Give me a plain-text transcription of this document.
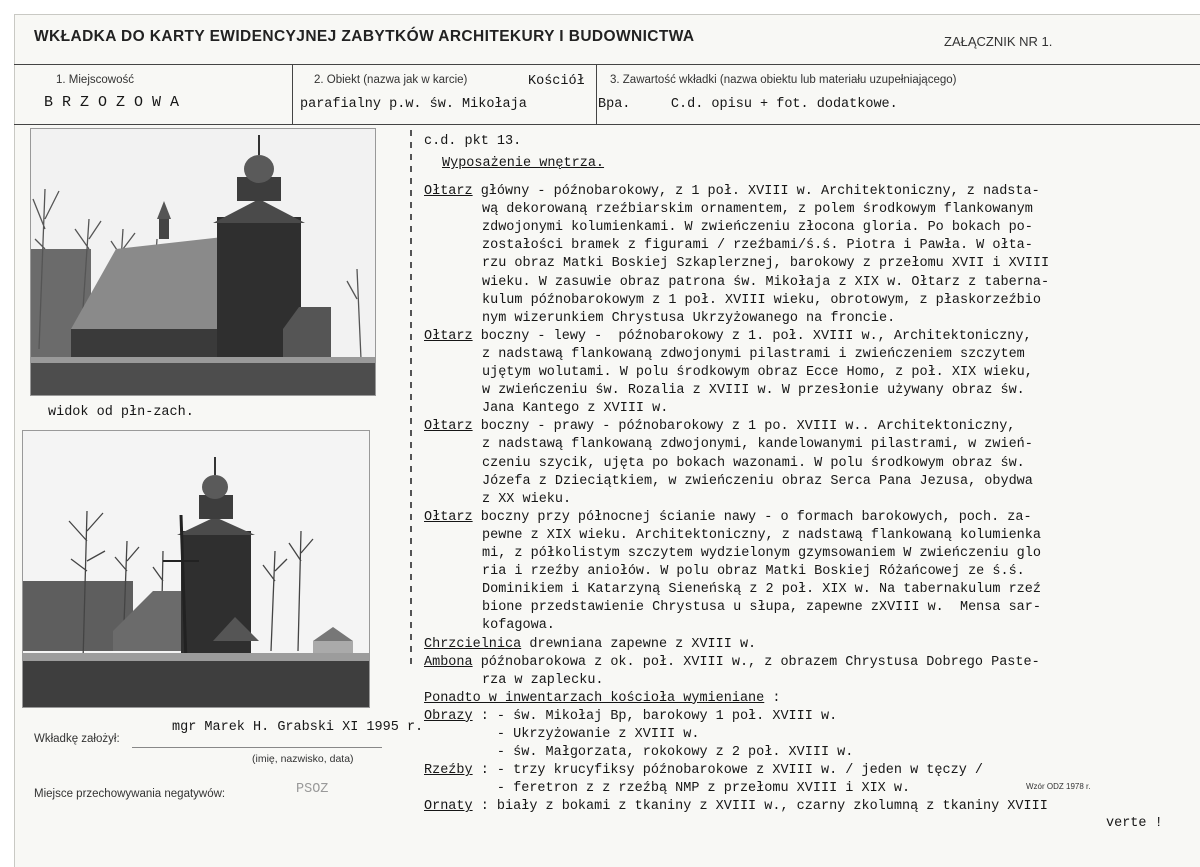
WKŁADKA DO KARTY EWIDENCYJNEJ ZABYTKÓW ARCHITEKURY I BUDOWNICTWA	ZAŁĄCZNIK NR 1.
1. Miejscowość
B R Z O Z O W A
2. Obiekt (nazwa jak w karcie)	Kościół
parafialny p.w. św. Mikołaja
3. Zawartość wkładki (nazwa obiektu lub materiału uzupełniającego)
Bpa.     C.d. opisu + fot. dodatkowe.
widok od płn-zach.
c.d. pkt 13.
Wyposażenie wnętrza.
Ołtarz główny - późnobarokowy, z 1 poł. XVIII w. Architektoniczny, z nadsta-
wą dekorowaną rzeźbiarskim ornamentem, z polem środkowym flankowanym
zdwojonymi kolumienkami. W zwieńczeniu złocona gloria. Po bokach po-
zostałości bramek z figurami / rzeźbami/ś.ś. Piotra i Pawła. W ołta-
rzu obraz Matki Boskiej Szkaplerznej, barokowy z przełomu XVII i XVIII
wieku. W zasuwie obraz patrona św. Mikołaja z XIX w. Ołtarz z taberna-
kulum późnobarokowym z 1 poł. XVIII wieku, obrotowym, z płaskorzeźbio
nym wizerunkiem Chrystusa Ukrzyżowanego na froncie.
Ołtarz boczny - lewy -  późnobarokowy z 1. poł. XVIII w., Architektoniczny,
z nadstawą flankowaną zdwojonymi pilastrami i zwieńczeniem szczytem
ujętym wolutami. W polu środkowym obraz Ecce Homo, z poł. XIX wieku,
w zwieńczeniu św. Rozalia z XVIII w. W przesłonie używany obraz św.
Jana Kantego z XVIII w.
Ołtarz boczny - prawy - późnobarokowy z 1 po. XVIII w.. Architektoniczny,
z nadstawą flankowaną zdwojonymi, kandelowanymi pilastrami, w zwień-
czeniu szycik, ujęta po bokach wazonami. W polu środkowym obraz św.
Józefa z Dzieciątkiem, w zwieńczeniu obraz Serca Pana Jezusa, obydwa
z XX wieku.
Ołtarz boczny przy północnej ścianie nawy - o formach barokowych, poch. za-
pewne z XIX wieku. Architektoniczny, z nadstawą flankowaną kolumienka
mi, z półkolistym szczytem wydzielonym gzymsowaniem W zwieńczeniu glo
ria i rzeźby aniołów. W polu obraz Matki Boskiej Różańcowej ze ś.ś.
Dominikiem i Katarzyną Sieneńską z 2 poł. XIX w. Na tabernakulum rzeź
bione przedstawienie Chrystusa u słupa, zapewne zXVIII w.  Mensa sar-
kofagowa.
Chrzcielnica drewniana zapewne z XVIII w.
Ambona późnobarokowa z ok. poł. XVIII w., z obrazem Chrystusa Dobrego Paste-
rza w zaplecku.
Ponadto w inwentarzach kościoła wymieniane :
Obrazy : - św. Mikołaj Bp, barokowy 1 poł. XVIII w.
- Ukrzyżowanie z XVIII w.
- św. Małgorzata, rokokowy z 2 poł. XVIII w.
Rzeźby : - trzy krucyfiksy późnobarokowe z XVIII w. / jeden w tęczy /
- feretron z z rzeźbą NMP z przełomu XVIII i XIX w.
Ornaty : biały z bokami z tkaniny z XVIII w., czarny zkolumną z tkaniny XVIII
verte !
Wkładkę założył:
mgr Marek H. Grabski XI 1995 r.
(imię, nazwisko, data)
Miejsce przechowywania negatywów:	PSOZ	Wzór ODZ 1978 r.
